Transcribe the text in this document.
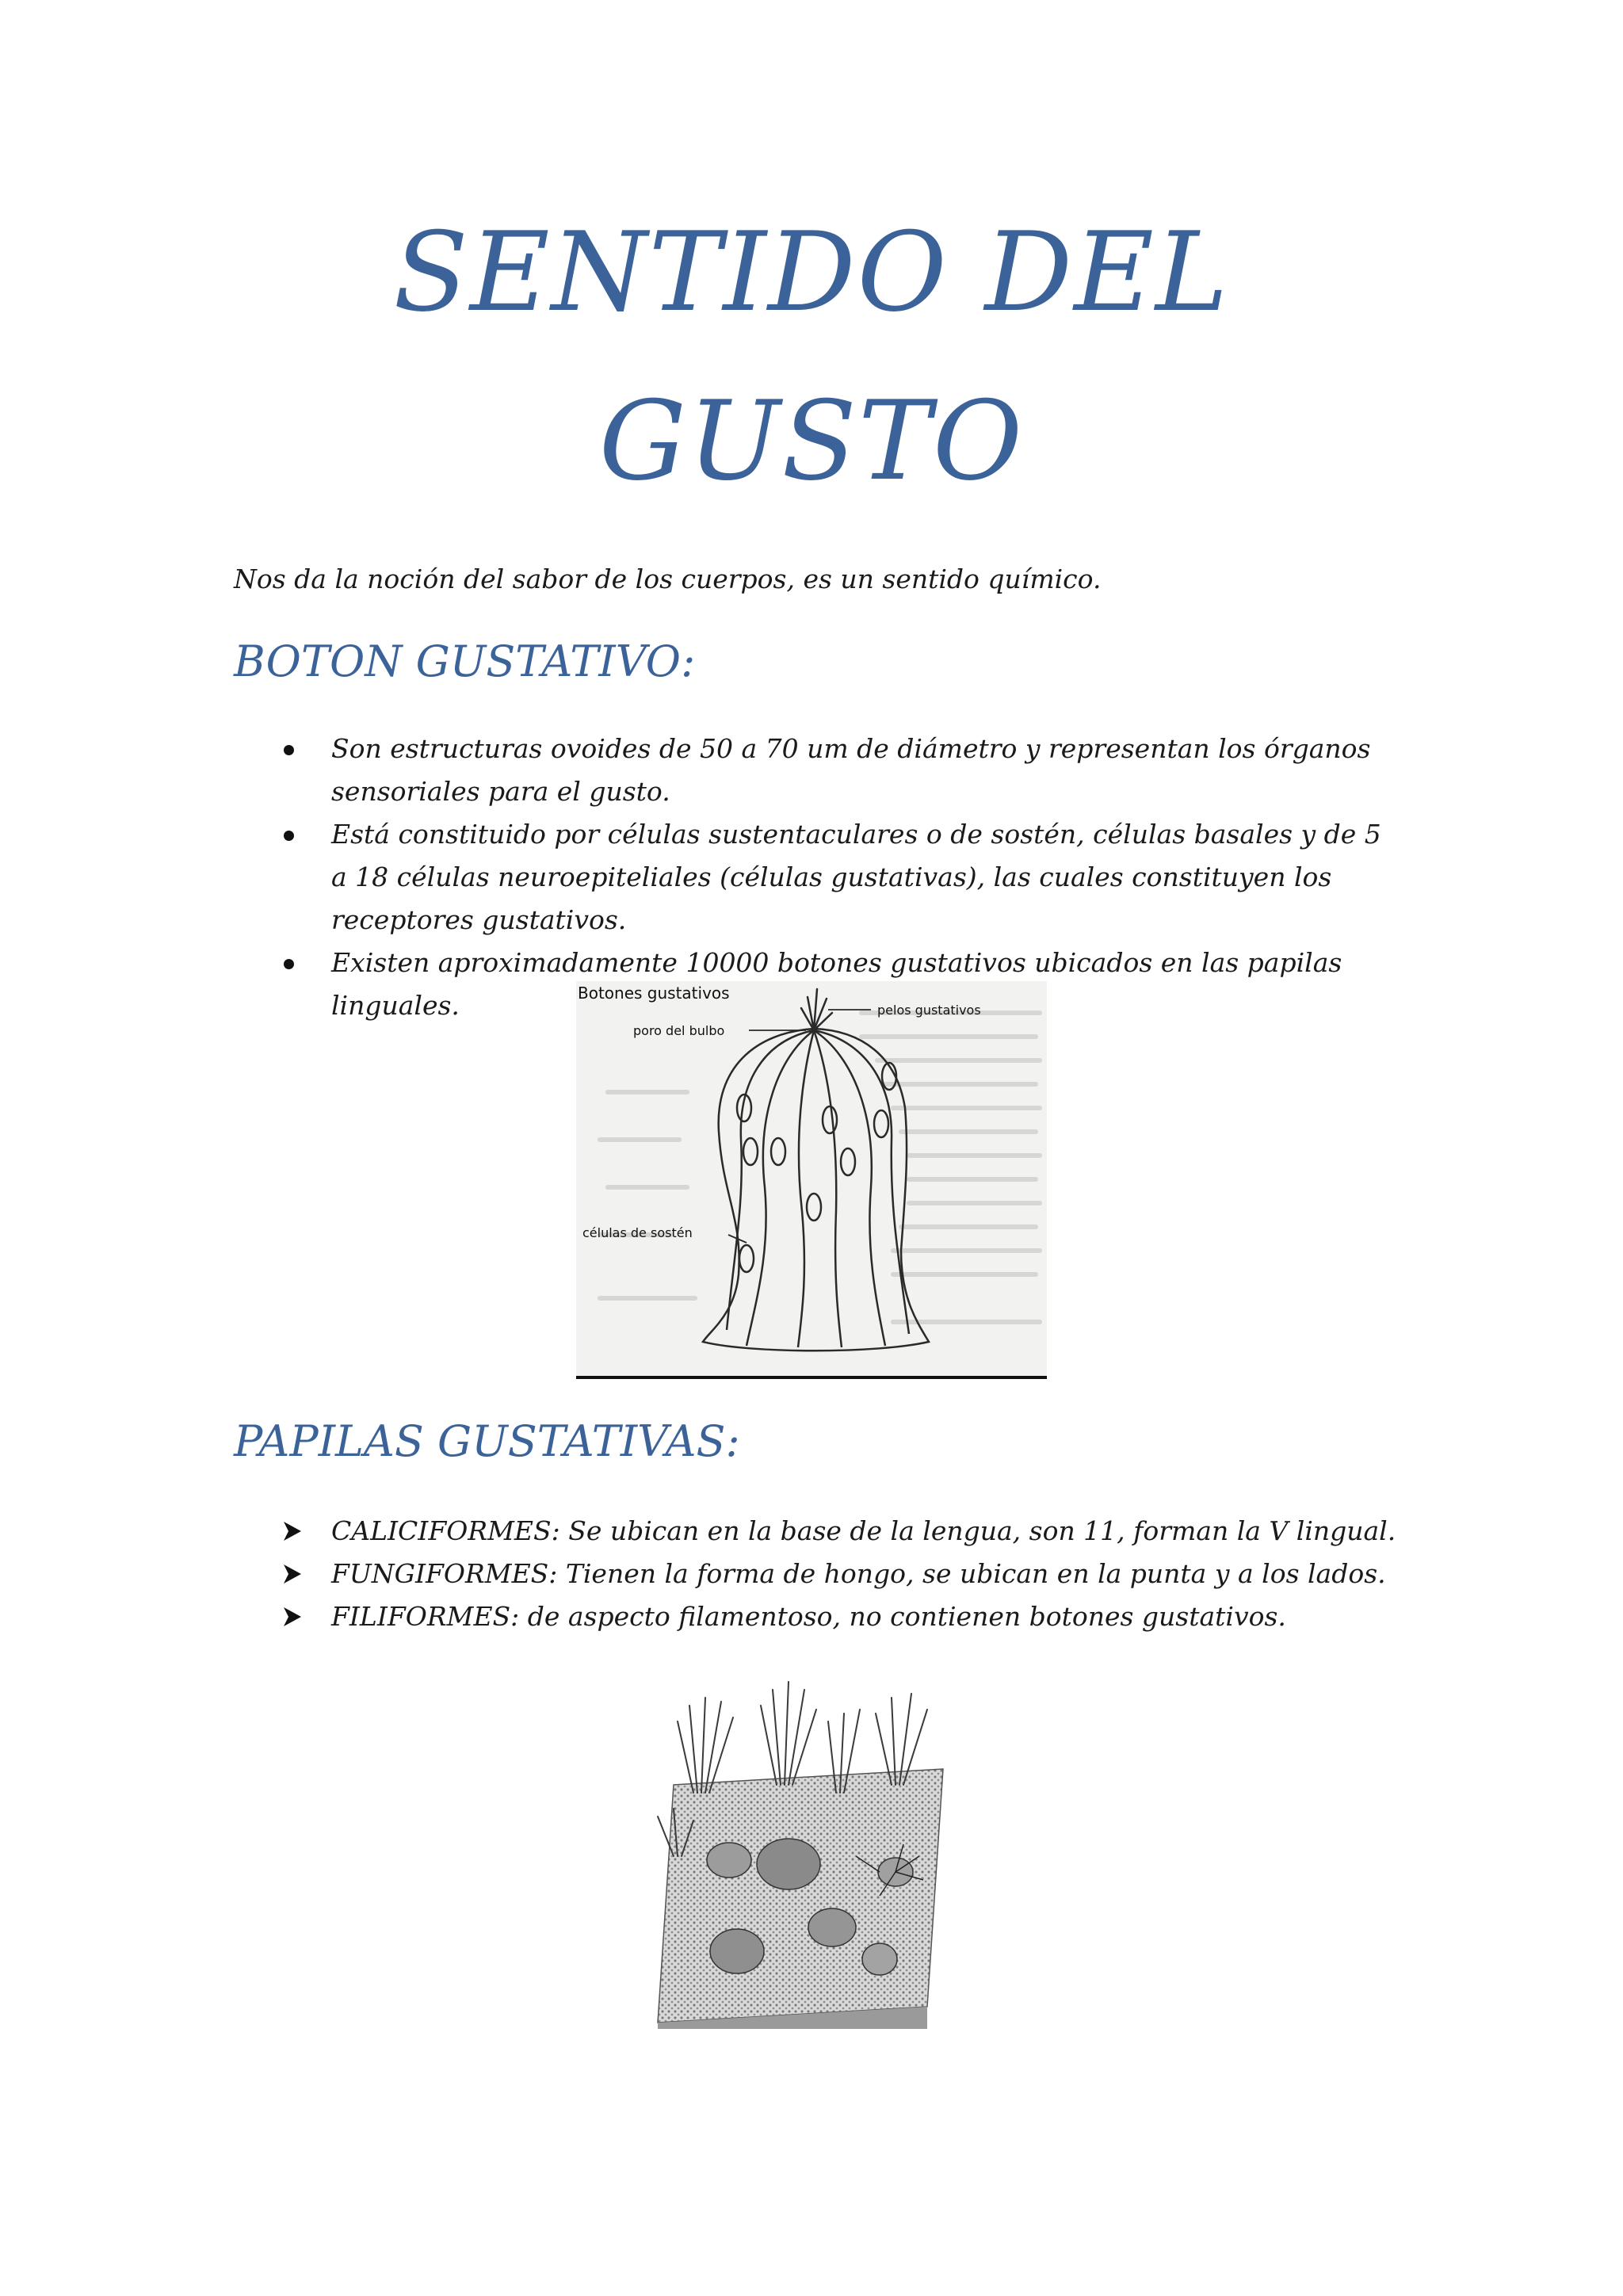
SENTIDO DEL
GUSTO

Nos da la noción del sabor de los cuerpos, es un sentido químico.

BOTON GUSTATIVO:
Son estructuras ovoides de 50 a 70 um de diámetro y representan los órganos sensoriales para el gusto.
Está constituido por células sustentaculares o de sostén, células basales y de 5 a 18 células neuroepiteliales (células gustativas), las cuales constituyen los receptores gustativos.
Existen aproximadamente 10000 botones gustativos ubicados en las papilas linguales.	Botones gustativos
pelos gustativos
poro del bulbo
células de sostén
PAPILAS GUSTATIVAS:
CALICIFORMES: Se ubican en la base de la lengua, son 11, forman la V lingual.
FUNGIFORMES: Tienen la forma de hongo, se ubican en la punta y a los lados.
FILIFORMES: de aspecto filamentoso, no contienen botones gustativos.
